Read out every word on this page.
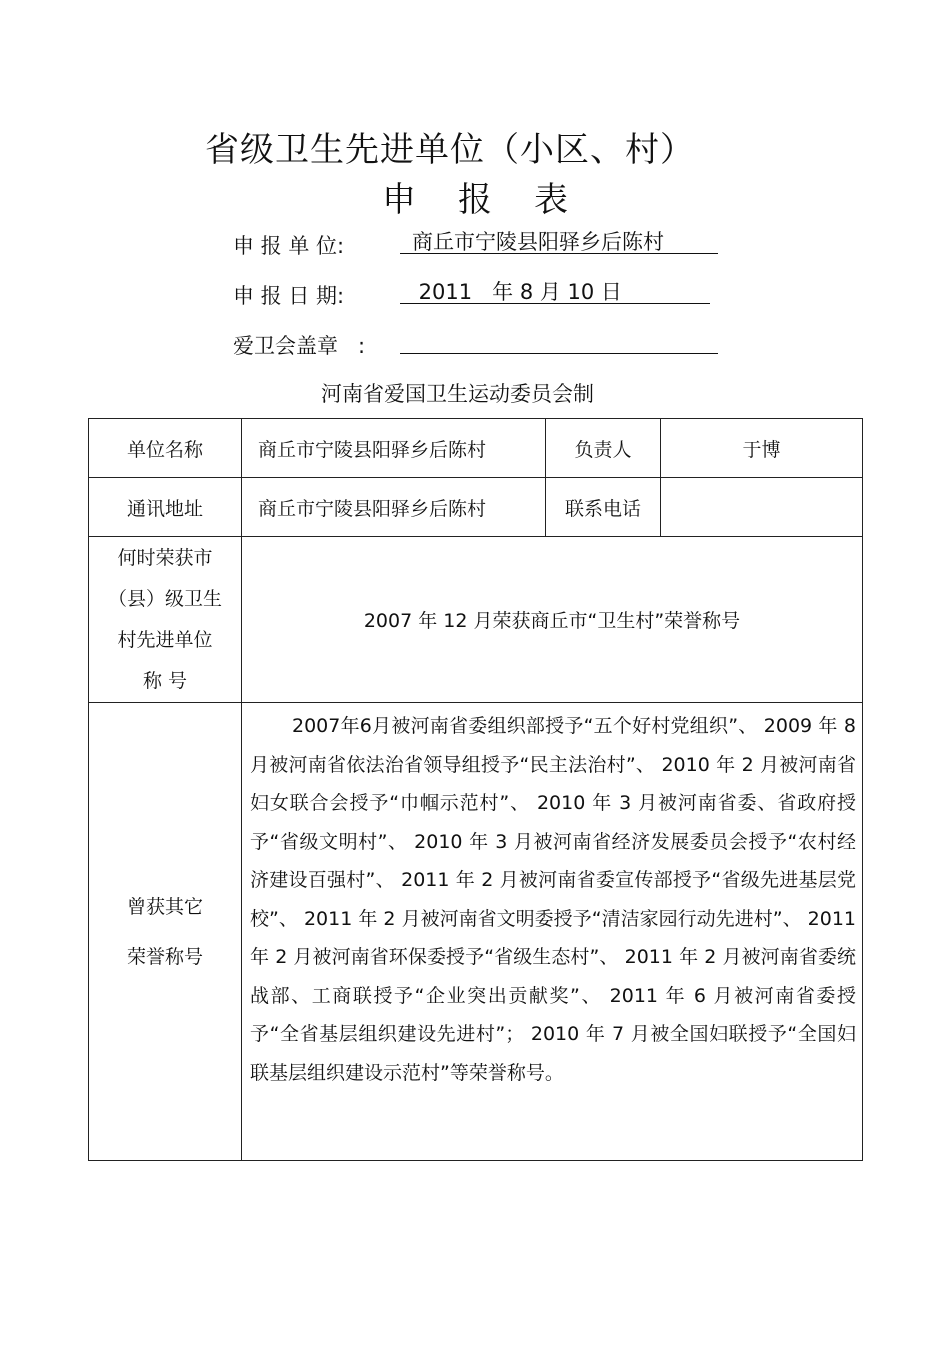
省级卫生先进单位（小区、村）
申报表
申 报 单 位:	商丘市宁陵县阳驿乡后陈村
申 报 日 期:	2011   年 8 月 10 日
爱卫会盖章   :
河南省爱国卫生运动委员会制
单位名称	商丘市宁陵县阳驿乡后陈村	负责人	于博
通讯地址	商丘市宁陵县阳驿乡后陈村	联系电话	

何时荣获市
（县）级卫生
村先进单位
称 号	2007 年 12 月荣获商丘市“卫生村”荣誉称号		

曾获其它
荣誉称号	2007年6月被河南省委组织部授予“五个好村党组织”、 2009 年 8 月被河南省依法治省领导组授予“民主法治村”、 2010 年 2 月被河南省妇女联合会授予“巾帼示范村”、 2010 年 3 月被河南省委、省政府授予“省级文明村”、 2010 年 3 月被河南省经济发展委员会授予“农村经济建设百强村”、 2011 年 2 月被河南省委宣传部授予“省级先进基层党校”、 2011 年 2 月被河南省文明委授予“清洁家园行动先进村”、 2011 年 2 月被河南省环保委授予“省级生态村”、 2011 年 2 月被河南省委统战部、工商联授予“企业突出贡献奖”、 2011 年 6 月被河南省委授予“全省基层组织建设先进村”； 2010 年 7 月被全国妇联授予“全国妇联基层组织建设示范村”等荣誉称号。		
